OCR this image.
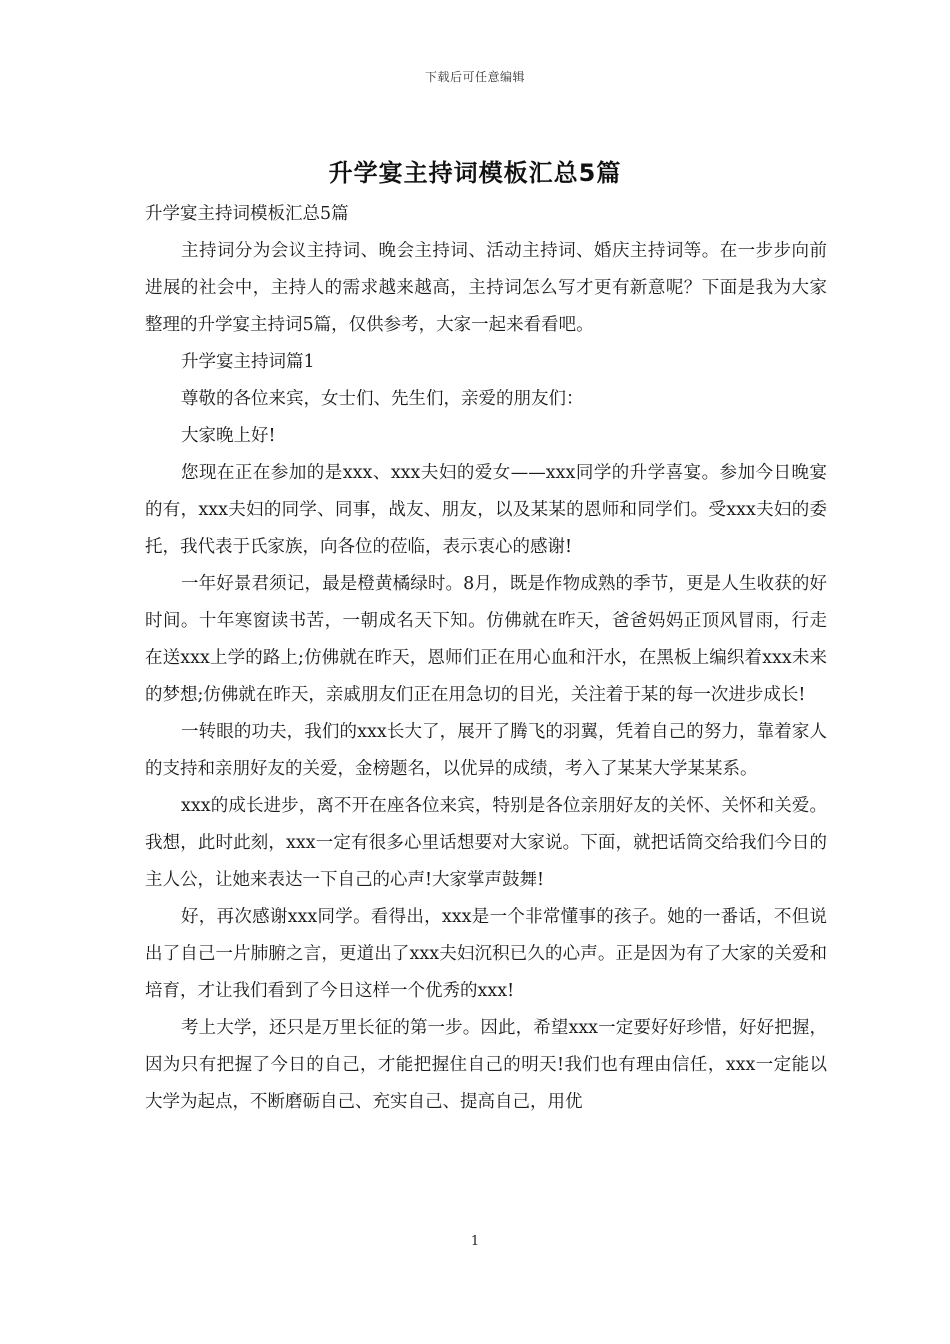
下载后可任意编辑
升学宴主持词模板汇总5篇

升学宴主持词模板汇总5篇

主持词分为会议主持词、晚会主持词、活动主持词、婚庆主持词等。在一步步向前进展的社会中，主持人的需求越来越高，主持词怎么写才更有新意呢？下面是我为大家整理的升学宴主持词5篇，仅供参考，大家一起来看看吧。

升学宴主持词篇1

尊敬的各位来宾，女士们、先生们，亲爱的朋友们：

大家晚上好!

您现在正在参加的是xxx、xxx夫妇的爱女——xxx同学的升学喜宴。参加今日晚宴的有，xxx夫妇的同学、同事，战友、朋友，以及某某的恩师和同学们。受xxx夫妇的委托，我代表于氏家族，向各位的莅临，表示衷心的感谢!

一年好景君须记，最是橙黄橘绿时。8月，既是作物成熟的季节，更是人生收获的好时间。十年寒窗读书苦，一朝成名天下知。仿佛就在昨天，爸爸妈妈正顶风冒雨，行走在送xxx上学的路上;仿佛就在昨天，恩师们正在用心血和汗水，在黑板上编织着xxx未来的梦想;仿佛就在昨天，亲戚朋友们正在用急切的目光，关注着于某的每一次进步成长!

一转眼的功夫，我们的xxx长大了，展开了腾飞的羽翼，凭着自己的努力，靠着家人的支持和亲朋好友的关爱，金榜题名，以优异的成绩，考入了某某大学某某系。

xxx的成长进步，离不开在座各位来宾，特别是各位亲朋好友的关怀、关怀和关爱。我想，此时此刻，xxx一定有很多心里话想要对大家说。下面，就把话筒交给我们今日的主人公，让她来表达一下自己的心声!大家掌声鼓舞!

好，再次感谢xxx同学。看得出，xxx是一个非常懂事的孩子。她的一番话，不但说出了自己一片肺腑之言，更道出了xxx夫妇沉积已久的心声。正是因为有了大家的关爱和培育，才让我们看到了今日这样一个优秀的xxx!

考上大学，还只是万里长征的第一步。因此，希望xxx一定要好好珍惜，好好把握，因为只有把握了今日的自己，才能把握住自己的明天!我们也有理由信任，xxx一定能以大学为起点，不断磨砺自己、充实自己、提高自己，用优

1
